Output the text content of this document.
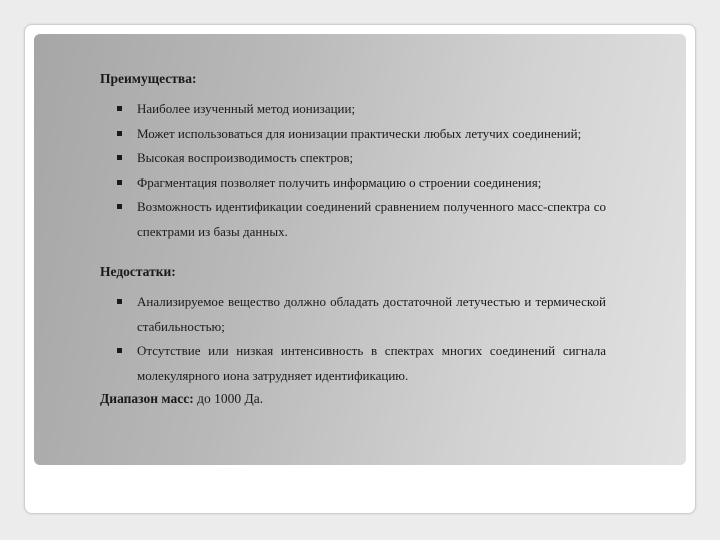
Преимущества:
Наиболее изученный метод ионизации;
Может использоваться для ионизации практически любых летучих соединений;
Высокая воспроизводимость спектров;
Фрагментация позволяет получить информацию о строении соединения;
Возможность идентификации соединений сравнением полученного масс-спектра со спектрами из базы данных.
Недостатки:
Анализируемое вещество должно обладать достаточной летучестью и термической стабильностью;
Отсутствие или низкая интенсивность в спектрах многих соединений сигнала молекулярного иона затрудняет идентификацию.
Диапазон масс: до 1000 Да.
